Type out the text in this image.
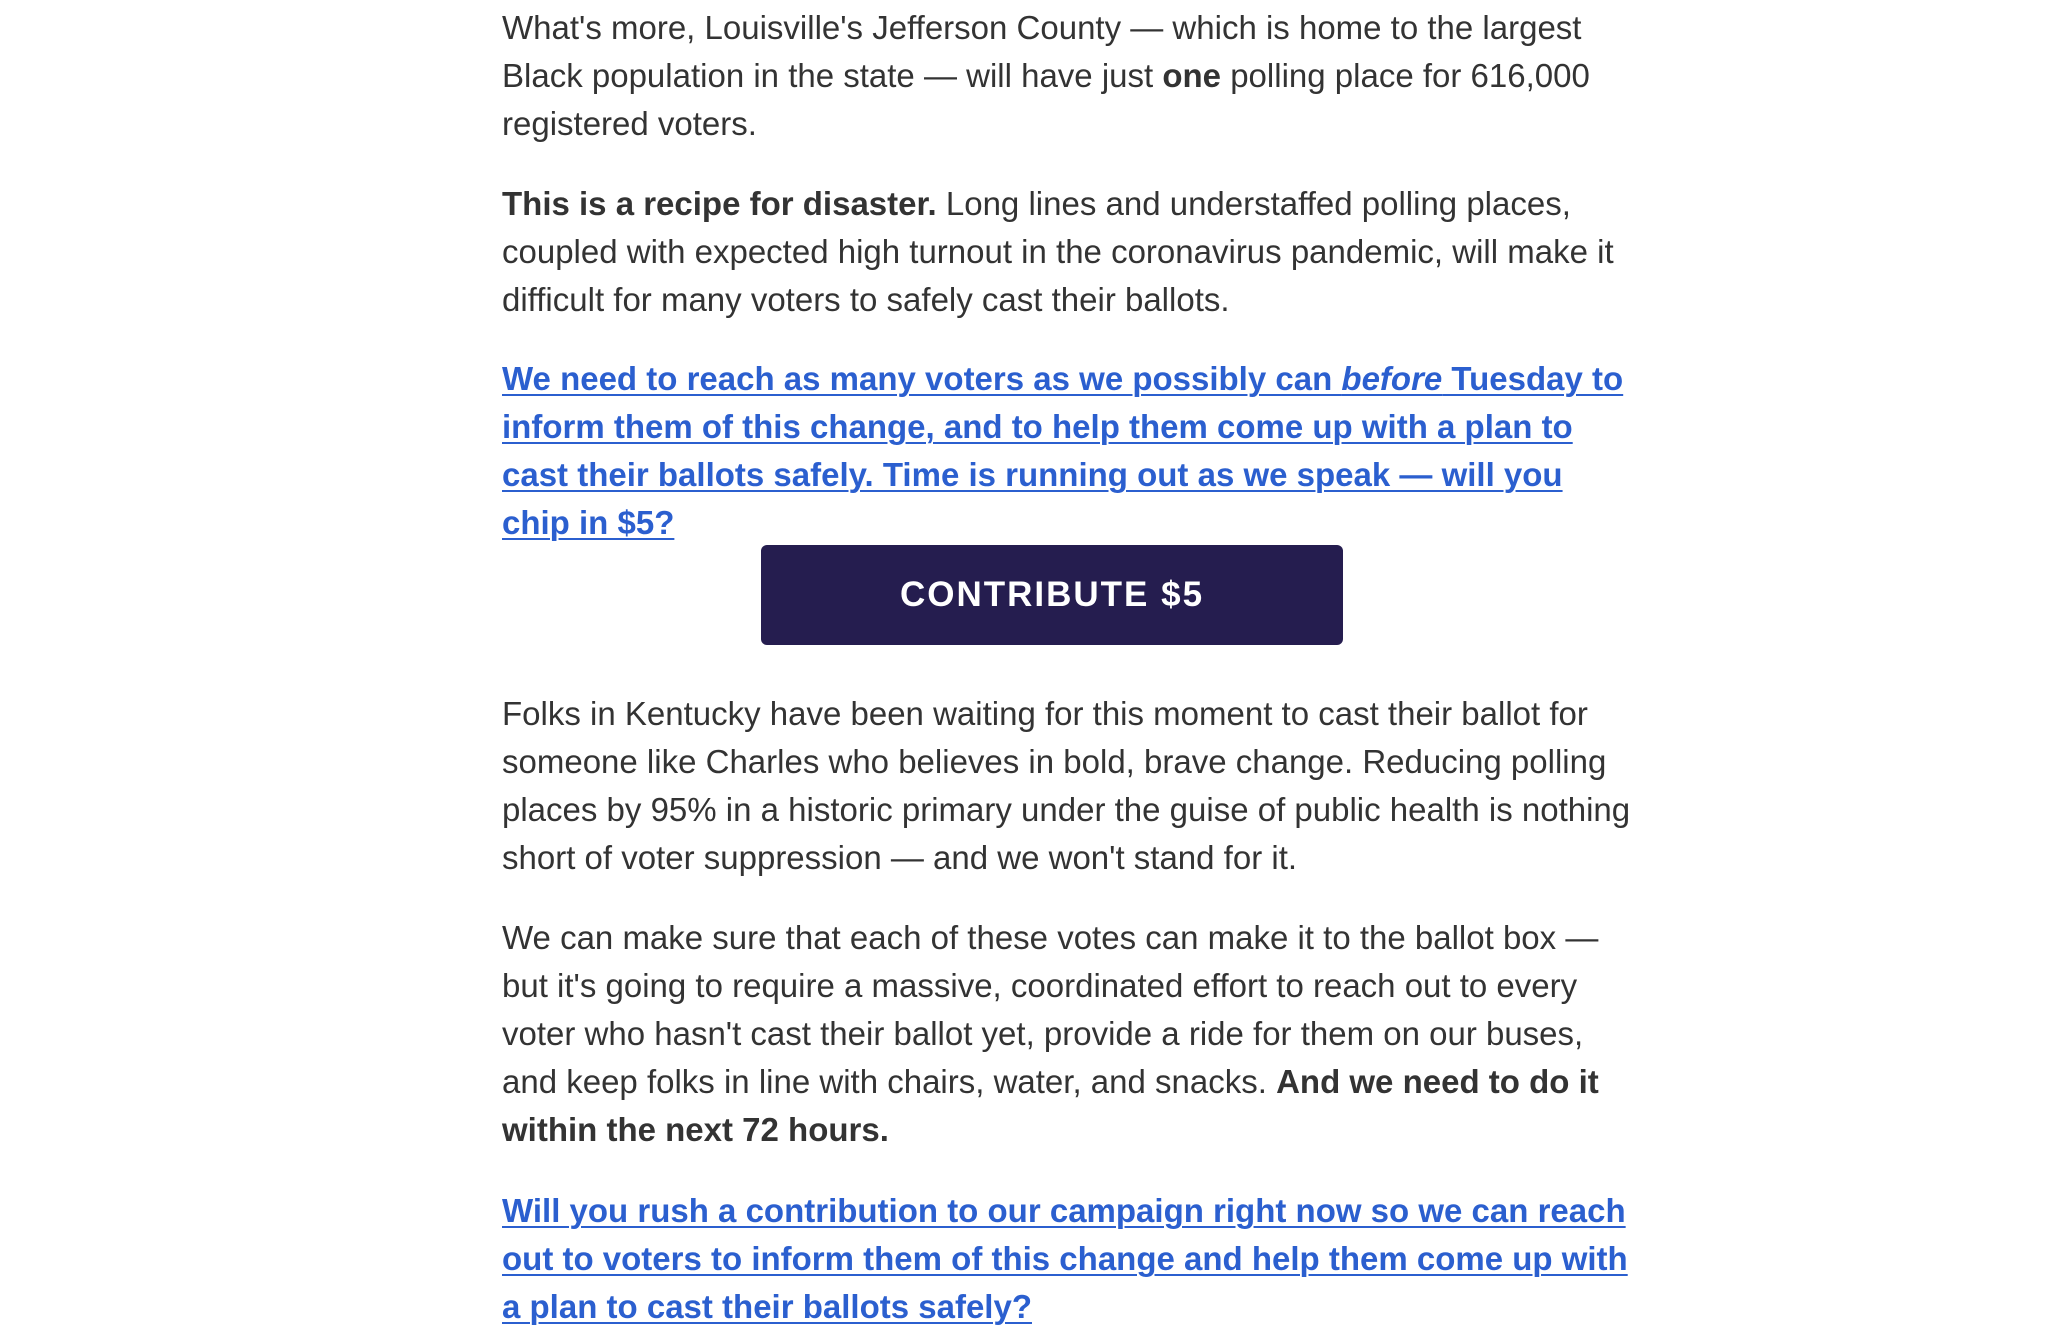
What's more, Louisville's Jefferson County — which is home to the largest Black population in the state — will have just one polling place for 616,000 registered voters.

This is a recipe for disaster. Long lines and understaffed polling places, coupled with expected high turnout in the coronavirus pandemic, will make it difficult for many voters to safely cast their ballots.

We need to reach as many voters as we possibly can before Tuesday to inform them of this change, and to help them come up with a plan to cast their ballots safely. Time is running out as we speak — will you chip in $5?

CONTRIBUTE $5

Folks in Kentucky have been waiting for this moment to cast their ballot for someone like Charles who believes in bold, brave change. Reducing polling places by 95% in a historic primary under the guise of public health is nothing short of voter suppression — and we won't stand for it.

We can make sure that each of these votes can make it to the ballot box — but it's going to require a massive, coordinated effort to reach out to every voter who hasn't cast their ballot yet, provide a ride for them on our buses, and keep folks in line with chairs, water, and snacks. And we need to do it within the next 72 hours.

Will you rush a contribution to our campaign right now so we can reach out to voters to inform them of this change and help them come up with a plan to cast their ballots safely?
